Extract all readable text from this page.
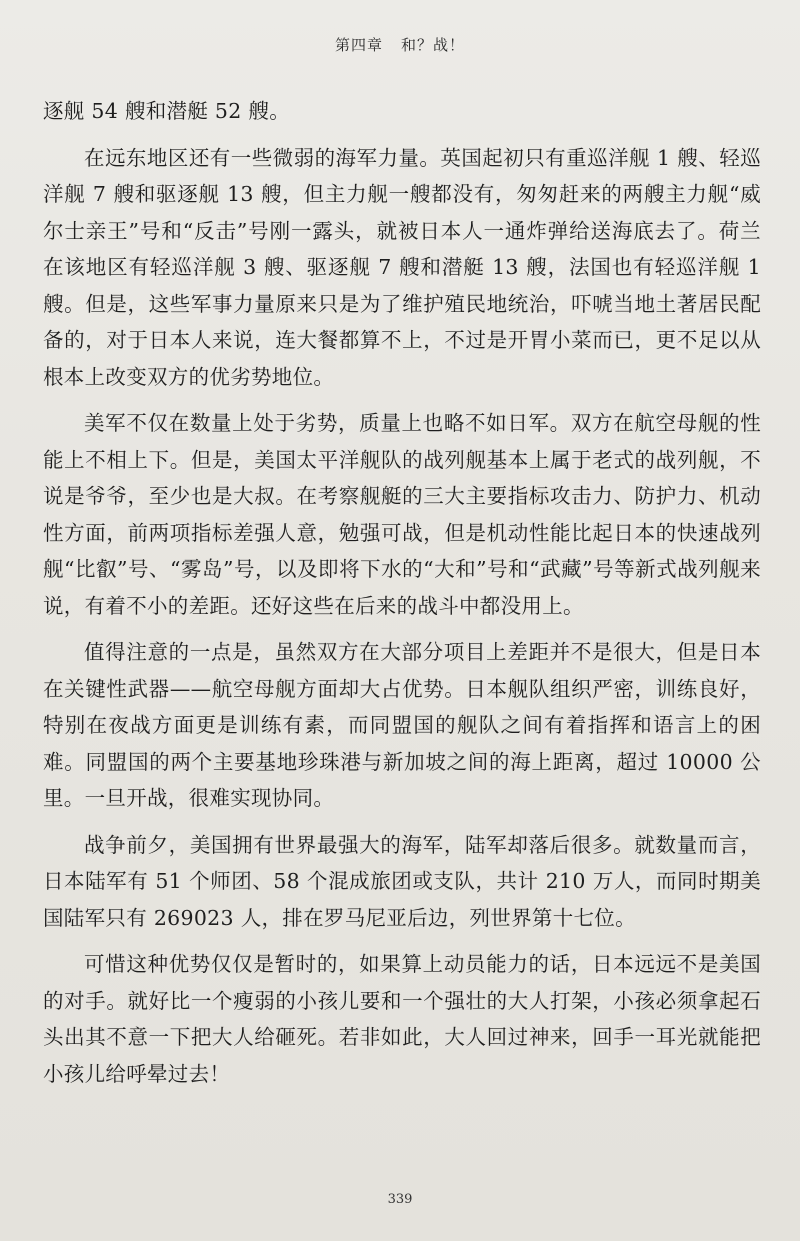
第四章 和？战！

逐舰 54 艘和潜艇 52 艘。

在远东地区还有一些微弱的海军力量。英国起初只有重巡洋舰 1 艘、轻巡洋舰 7 艘和驱逐舰 13 艘，但主力舰一艘都没有，匆匆赶来的两艘主力舰“威尔士亲王”号和“反击”号刚一露头，就被日本人一通炸弹给送海底去了。荷兰在该地区有轻巡洋舰 3 艘、驱逐舰 7 艘和潜艇 13 艘，法国也有轻巡洋舰 1 艘。但是，这些军事力量原来只是为了维护殖民地统治，吓唬当地土著居民配备的，对于日本人来说，连大餐都算不上，不过是开胃小菜而已，更不足以从根本上改变双方的优劣势地位。

美军不仅在数量上处于劣势，质量上也略不如日军。双方在航空母舰的性能上不相上下。但是，美国太平洋舰队的战列舰基本上属于老式的战列舰，不说是爷爷，至少也是大叔。在考察舰艇的三大主要指标攻击力、防护力、机动性方面，前两项指标差强人意，勉强可战，但是机动性能比起日本的快速战列舰“比叡”号、“雾岛”号，以及即将下水的“大和”号和“武藏”号等新式战列舰来说，有着不小的差距。还好这些在后来的战斗中都没用上。

值得注意的一点是，虽然双方在大部分项目上差距并不是很大，但是日本在关键性武器——航空母舰方面却大占优势。日本舰队组织严密，训练良好，特别在夜战方面更是训练有素，而同盟国的舰队之间有着指挥和语言上的困难。同盟国的两个主要基地珍珠港与新加坡之间的海上距离，超过 10000 公里。一旦开战，很难实现协同。

战争前夕，美国拥有世界最强大的海军，陆军却落后很多。就数量而言，日本陆军有 51 个师团、58 个混成旅团或支队，共计 210 万人，而同时期美国陆军只有 269023 人，排在罗马尼亚后边，列世界第十七位。

可惜这种优势仅仅是暂时的，如果算上动员能力的话，日本远远不是美国的对手。就好比一个瘦弱的小孩儿要和一个强壮的大人打架，小孩必须拿起石头出其不意一下把大人给砸死。若非如此，大人回过神来，回手一耳光就能把小孩儿给呼晕过去！

339
